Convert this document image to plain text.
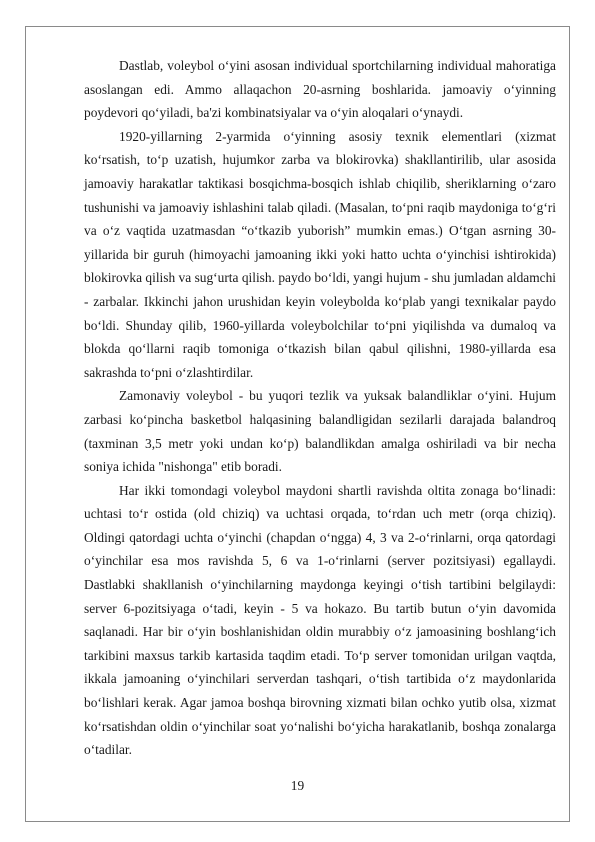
Dastlab, voleybol o‘yini asosan individual sportchilarning individual mahoratiga asoslangan edi. Ammo allaqachon 20-asrning boshlarida. jamoaviy o‘yinning poydevori qo‘yiladi, ba'zi kombinatsiyalar va o‘yin aloqalari o‘ynaydi.

1920-yillarning 2-yarmida o‘yinning asosiy texnik elementlari (xizmat ko‘rsatish, to‘p uzatish, hujumkor zarba va blokirovka) shakllantirilib, ular asosida jamoaviy harakatlar taktikasi bosqichma-bosqich ishlab chiqilib, sheriklarning o‘zaro tushunishi va jamoaviy ishlashini talab qiladi. (Masalan, to‘pni raqib maydoniga to‘g‘ri va o‘z vaqtida uzatmasdan “o‘tkazib yuborish” mumkin emas.) O‘tgan asrning 30-yillarida bir guruh (himoyachi jamoaning ikki yoki hatto uchta o‘yinchisi ishtirokida) blokirovka qilish va sug‘urta qilish. paydo bo‘ldi, yangi hujum - shu jumladan aldamchi - zarbalar. Ikkinchi jahon urushidan keyin voleybolda ko‘plab yangi texnikalar paydo bo‘ldi. Shunday qilib, 1960-yillarda voleybolchilar to‘pni yiqilishda va dumaloq va blokda qo‘llarni raqib tomoniga o‘tkazish bilan qabul qilishni, 1980-yillarda esa sakrashda to‘pni o‘zlashtirdilar.

Zamonaviy voleybol - bu yuqori tezlik va yuksak balandliklar o‘yini. Hujum zarbasi ko‘pincha basketbol halqasining balandligidan sezilarli darajada balandroq (taxminan 3,5 metr yoki undan ko‘p) balandlikdan amalga oshiriladi va bir necha soniya ichida "nishonga" etib boradi.

Har ikki tomondagi voleybol maydoni shartli ravishda oltita zonaga bo‘linadi: uchtasi to‘r ostida (old chiziq) va uchtasi orqada, to‘rdan uch metr (orqa chiziq). Oldingi qatordagi uchta o‘yinchi (chapdan o‘ngga) 4, 3 va 2-o‘rinlarni, orqa qatordagi o‘yinchilar esa mos ravishda 5, 6 va 1-o‘rinlarni (server pozitsiyasi) egallaydi. Dastlabki shakllanish o‘yinchilarning maydonga keyingi o‘tish tartibini belgilaydi: server 6-pozitsiyaga o‘tadi, keyin - 5 va hokazo. Bu tartib butun o‘yin davomida saqlanadi. Har bir o‘yin boshlanishidan oldin murabbiy o‘z jamoasining boshlang‘ich tarkibini maxsus tarkib kartasida taqdim etadi. To‘p server tomonidan urilgan vaqtda, ikkala jamoaning o‘yinchilari serverdan tashqari, o‘tish tartibida o‘z maydonlarida bo‘lishlari kerak. Agar jamoa boshqa birovning xizmati bilan ochko yutib olsa, xizmat ko‘rsatishdan oldin o‘yinchilar soat yo‘nalishi bo‘yicha harakatlanib, boshqa zonalarga o‘tadilar.

19
